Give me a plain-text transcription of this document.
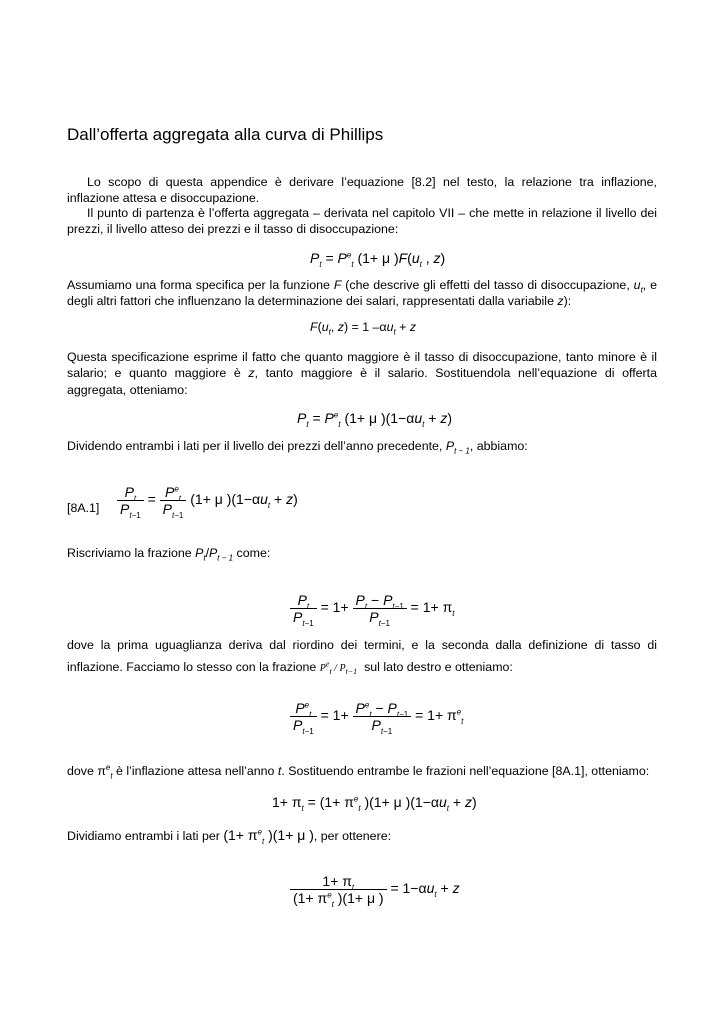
Dall’offerta aggregata alla curva di Phillips
Lo scopo di questa appendice è derivare l’equazione [8.2] nel testo, la relazione tra inflazione, inflazione attesa e disoccupazione.
Il punto di partenza è l’offerta aggregata – derivata nel capitolo VII – che mette in relazione il livello dei prezzi, il livello atteso dei prezzi e il tasso di disoccupazione:
$P_t = P^e_t$ (1+ μ )$F(u_t$ , z)
Assumiamo una forma specifica per la funzione F (che descrive gli effetti del tasso di disoccupazione, $u_t$, e degli altri fattori che influenzano la determinazione dei salari, rappresentati dalla variabile z):
$F(u_t$, z) = 1 $-\alpha u_t + z$
Questa specificazione esprime il fatto che quanto maggiore è il tasso di disoccupazione, tanto minore è il salario; e quanto maggiore è z, tanto maggiore è il salario. Sostituendola nell’equazione di offerta aggregata, otteniamo:
$P_t = P^e_t$ (1+ μ )$(1-\alpha u_t + z)$
Dividendo entrambi i lati per il livello dei prezzi dell’anno precedente, $P_{t - 1}$, abbiamo:
$[8A.1] \frac{P_t}{P_{t-1}} = \frac{P^e_t}{P_{t-1}} (1+ \mu$ )$(1-\alpha u_t + z)$
Riscriviamo la frazione $P_t/P_{t - 1}$ come:
$\frac{P_t}{P_{t-1}} = 1+ \frac{P_t - P_{t-1}}{P_{t-1}} = 1+ \pi_t$
dove la prima uguaglianza deriva dal riordino dei termini, e la seconda dalla definizione di tasso di inflazione. Facciamo lo stesso con la frazione $P^e_t / P_{t-1}$ sul lato destro e otteniamo:
$\frac{P^e_t}{P_{t-1}} = 1+ \frac{P^e_t - P_{t-1}}{P_{t-1}} = 1+ \pi^e_t$
dove $\pi^e_t$ è l’inflazione attesa nell’anno t. Sostituendo entrambe le frazioni nell’equazione [8A.1], otteniamo:
$1+ \pi_t = (1+ \pi^e_t$ )(1+ μ )$(1-\alpha u_t + z)$
Dividiamo entrambi i lati per ($1+ \pi^e_t$ )(1+ μ ), per ottenere:
$\frac{1+ \pi_t}{(1+ \pi^e_t )(1+ \mu )} = 1-\alpha u_t + z$
